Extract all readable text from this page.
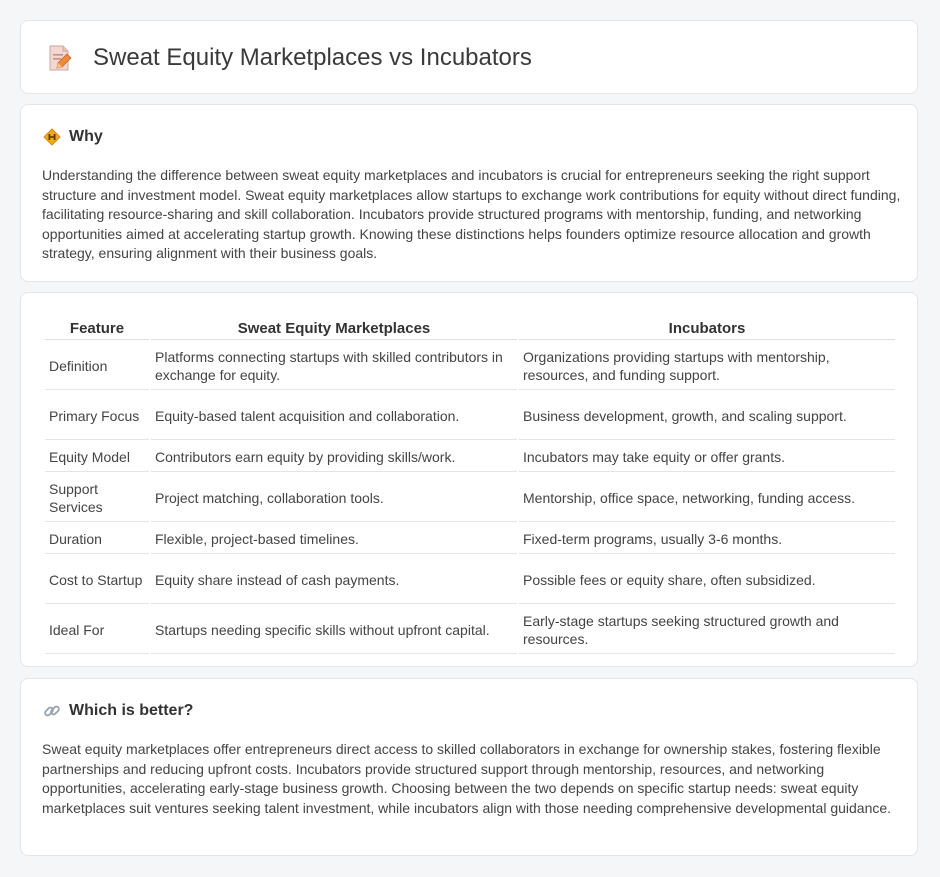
Sweat Equity Marketplaces vs Incubators
Why

Understanding the difference between sweat equity marketplaces and incubators is crucial for entrepreneurs seeking the right support structure and investment model. Sweat equity marketplaces allow startups to exchange work contributions for equity without direct funding, facilitating resource-sharing and skill collaboration. Incubators provide structured programs with mentorship, funding, and networking opportunities aimed at accelerating startup growth. Knowing these distinctions helps founders optimize resource allocation and growth strategy, ensuring alignment with their business goals.

Feature	Sweat Equity Marketplaces	Incubators
Definition	Platforms connecting startups with skilled contributors in exchange for equity.	Organizations providing startups with mentorship, resources, and funding support.
Primary Focus	Equity-based talent acquisition and collaboration.	Business development, growth, and scaling support.
Equity Model	Contributors earn equity by providing skills/work.	Incubators may take equity or offer grants.
Support Services	Project matching, collaboration tools.	Mentorship, office space, networking, funding access.
Duration	Flexible, project-based timelines.	Fixed-term programs, usually 3-6 months.
Cost to Startup	Equity share instead of cash payments.	Possible fees or equity share, often subsidized.
Ideal For	Startups needing specific skills without upfront capital.	Early-stage startups seeking structured growth and resources.
Which is better?

Sweat equity marketplaces offer entrepreneurs direct access to skilled collaborators in exchange for ownership stakes, fostering flexible partnerships and reducing upfront costs. Incubators provide structured support through mentorship, resources, and networking opportunities, accelerating early-stage business growth. Choosing between the two depends on specific startup needs: sweat equity marketplaces suit ventures seeking talent investment, while incubators align with those needing comprehensive developmental guidance.
